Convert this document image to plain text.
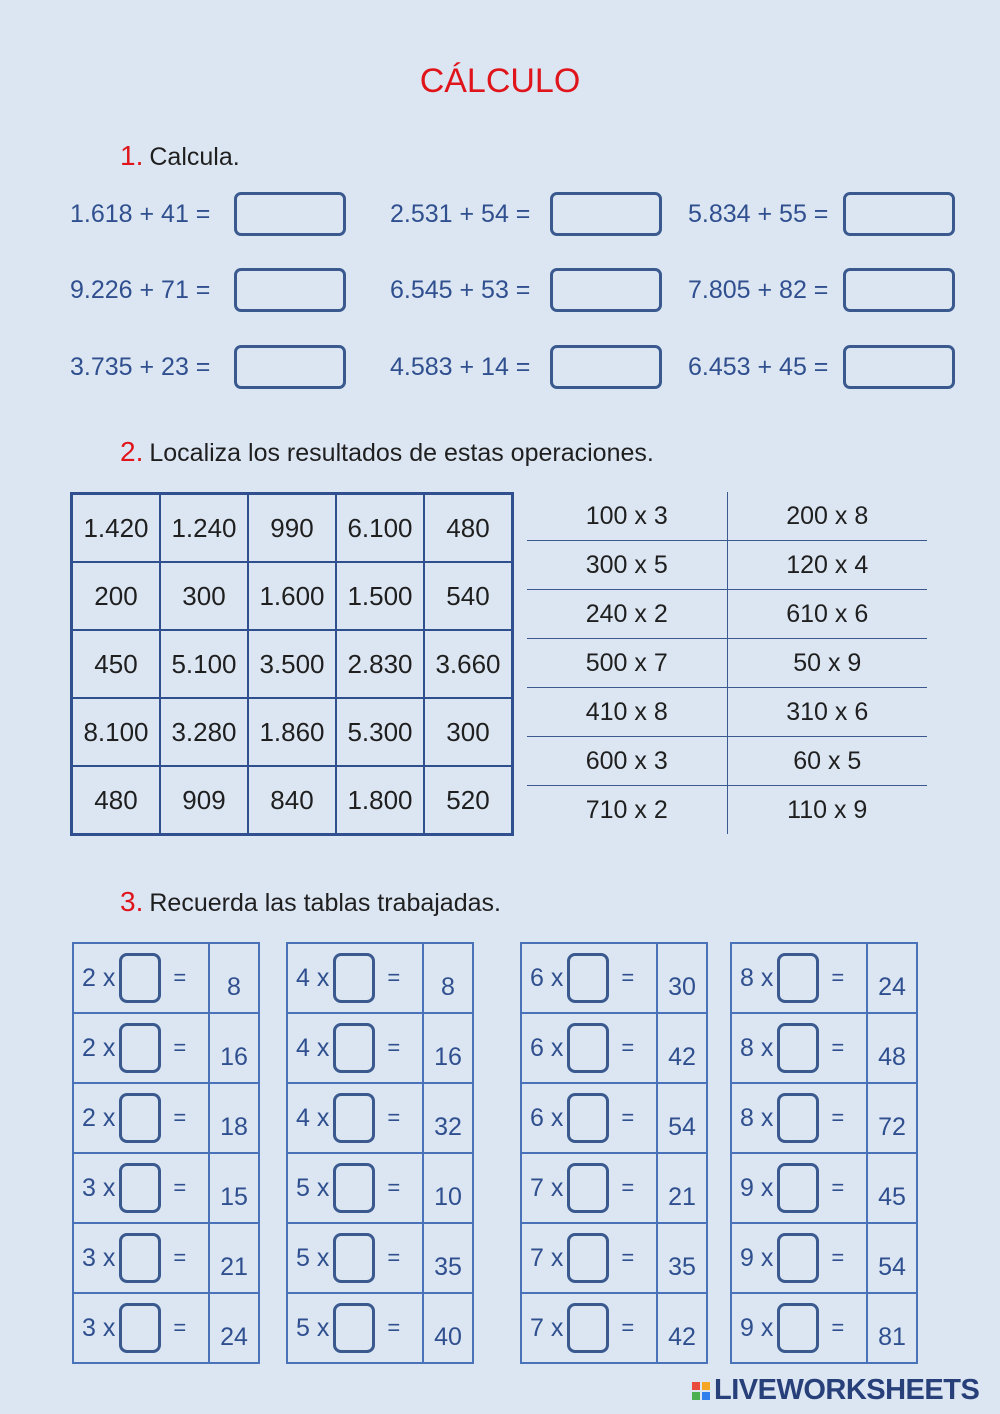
CÁLCULO
1. Calcula.
1.618 + 41 =	2.531 + 54 =	5.834 + 55 =
9.226 + 71 =	6.545 + 53 =	7.805 + 82 =
3.735 + 23 =	4.583 + 14 =	6.453 + 45 =
2. Localiza los resultados de estas operaciones.
1.420	1.240	990	6.100	480
200	300	1.600	1.500	540
450	5.100	3.500	2.830	3.660
8.100	3.280	1.860	5.300	300
480	909	840	1.800	520
100 x 3	200 x 8
300 x 5	120 x 4
240 x 2	610 x 6
500 x 7	50 x 9
410 x 8	310 x 6
600 x 3	60 x 5
710 x 2	110 x 9
3. Recuerda las tablas trabajadas.
2 x =	8

2 x =	16

2 x =	18

3 x =	15

3 x =	21

3 x =	24
4 x =	8

4 x =	16

4 x =	32

5 x =	10

5 x =	35

5 x =	40
6 x =	30

6 x =	42

6 x =	54

7 x =	21

7 x =	35

7 x =	42
8 x =	24

8 x =	48

8 x =	72

9 x =	45

9 x =	54

9 x =	81
LIVEWORKSHEETS
